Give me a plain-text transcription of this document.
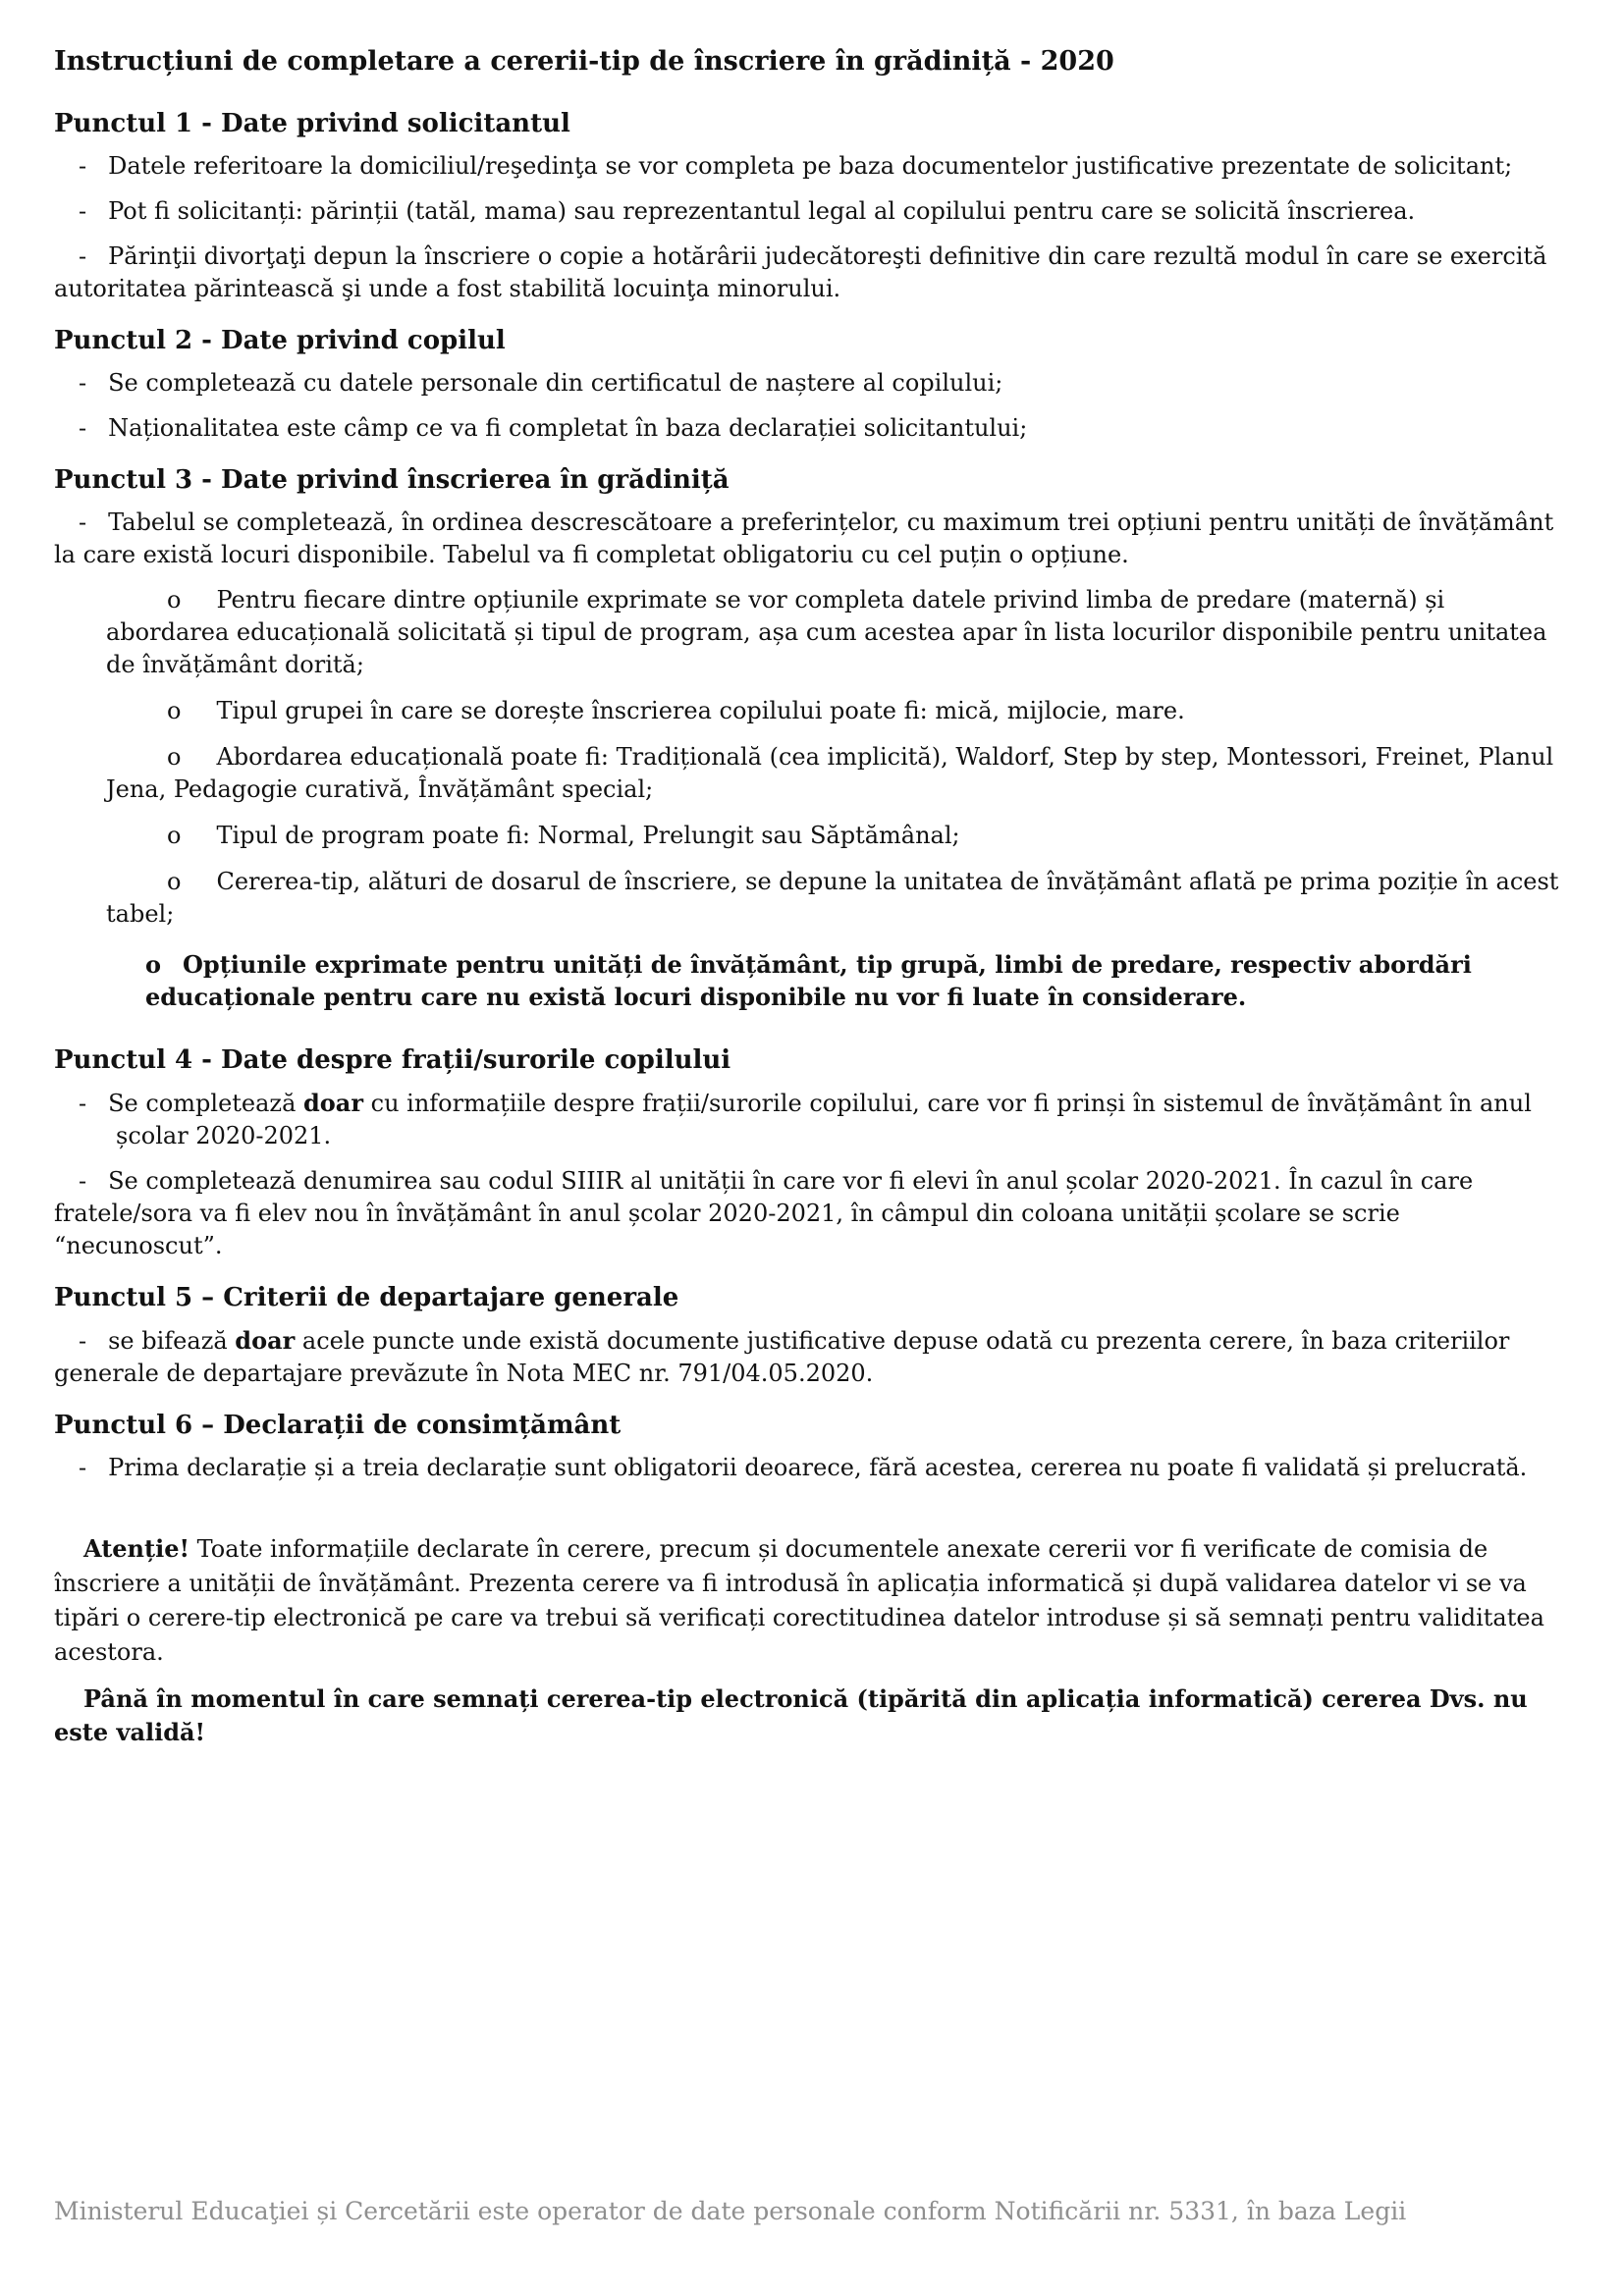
Instrucțiuni de completare a cererii-tip de înscriere în grădiniță - 2020
Punctul 1 - Date privind solicitantul

- Datele referitoare la domiciliul/reşedinţa se vor completa pe baza documentelor justificative prezentate de solicitant;

- Pot fi solicitanți: părinții (tatăl, mama) sau reprezentantul legal al copilului pentru care se solicită înscrierea.

- Părinţii divorţaţi depun la înscriere o copie a hotărârii judecătoreşti definitive din care rezultă modul în care se exercită autoritatea părintească şi unde a fost stabilită locuinţa minorului.

Punctul 2 - Date privind copilul

- Se completează cu datele personale din certificatul de naștere al copilului;

- Naționalitatea este câmp ce va fi completat în baza declarației solicitantului;

Punctul 3 - Date privind înscrierea în grădiniță

- Tabelul se completează, în ordinea descrescătoare a preferințelor, cu maximum trei opțiuni pentru unități de învățământ la care există locuri disponibile. Tabelul va fi completat obligatoriu cu cel puțin o opțiune.

o Pentru fiecare dintre opțiunile exprimate se vor completa datele privind limba de predare (maternă) și abordarea educațională solicitată și tipul de program, așa cum acestea apar în lista locurilor disponibile pentru unitatea de învățământ dorită;

o Tipul grupei în care se dorește înscrierea copilului poate fi: mică, mijlocie, mare.

o Abordarea educațională poate fi: Tradițională (cea implicită), Waldorf, Step by step, Montessori, Freinet, Planul Jena, Pedagogie curativă, Învățământ special;

o Tipul de program poate fi: Normal, Prelungit sau Săptămânal;

o Cererea-tip, alături de dosarul de înscriere, se depune la unitatea de învățământ aflată pe prima poziție în acest tabel;

o Opțiunile exprimate pentru unități de învățământ, tip grupă, limbi de predare, respectiv abordări educaționale pentru care nu există locuri disponibile nu vor fi luate în considerare.

Punctul 4 - Date despre frații/surorile copilului

- Se completează doar cu informațiile despre frații/surorile copilului, care vor fi prinși în sistemul de învățământ în anul școlar 2020-2021.

- Se completează denumirea sau codul SIIIR al unității în care vor fi elevi în anul școlar 2020-2021. În cazul în care fratele/sora va fi elev nou în învățământ în anul școlar 2020-2021, în câmpul din coloana unității școlare se scrie “necunoscut”.

Punctul 5 – Criterii de departajare generale

- se bifează doar acele puncte unde există documente justificative depuse odată cu prezenta cerere, în baza criteriilor generale de departajare prevăzute în Nota MEC nr. 791/04.05.2020.

Punctul 6 – Declarații de consimțământ

- Prima declarație și a treia declarație sunt obligatorii deoarece, fără acestea, cererea nu poate fi validată și prelucrată.

Atenție! Toate informațiile declarate în cerere, precum și documentele anexate cererii vor fi verificate de comisia de înscriere a unității de învățământ. Prezenta cerere va fi introdusă în aplicația informatică și după validarea datelor vi se va tipări o cerere-tip electronică pe care va trebui să verificați corectitudinea datelor introduse și să semnați pentru validitatea acestora.

Până în momentul în care semnați cererea-tip electronică (tipărită din aplicația informatică) cererea Dvs. nu este validă!

Ministerul Educaţiei și Cercetării este operator de date personale conform Notificării nr. 5331, în baza Legii
